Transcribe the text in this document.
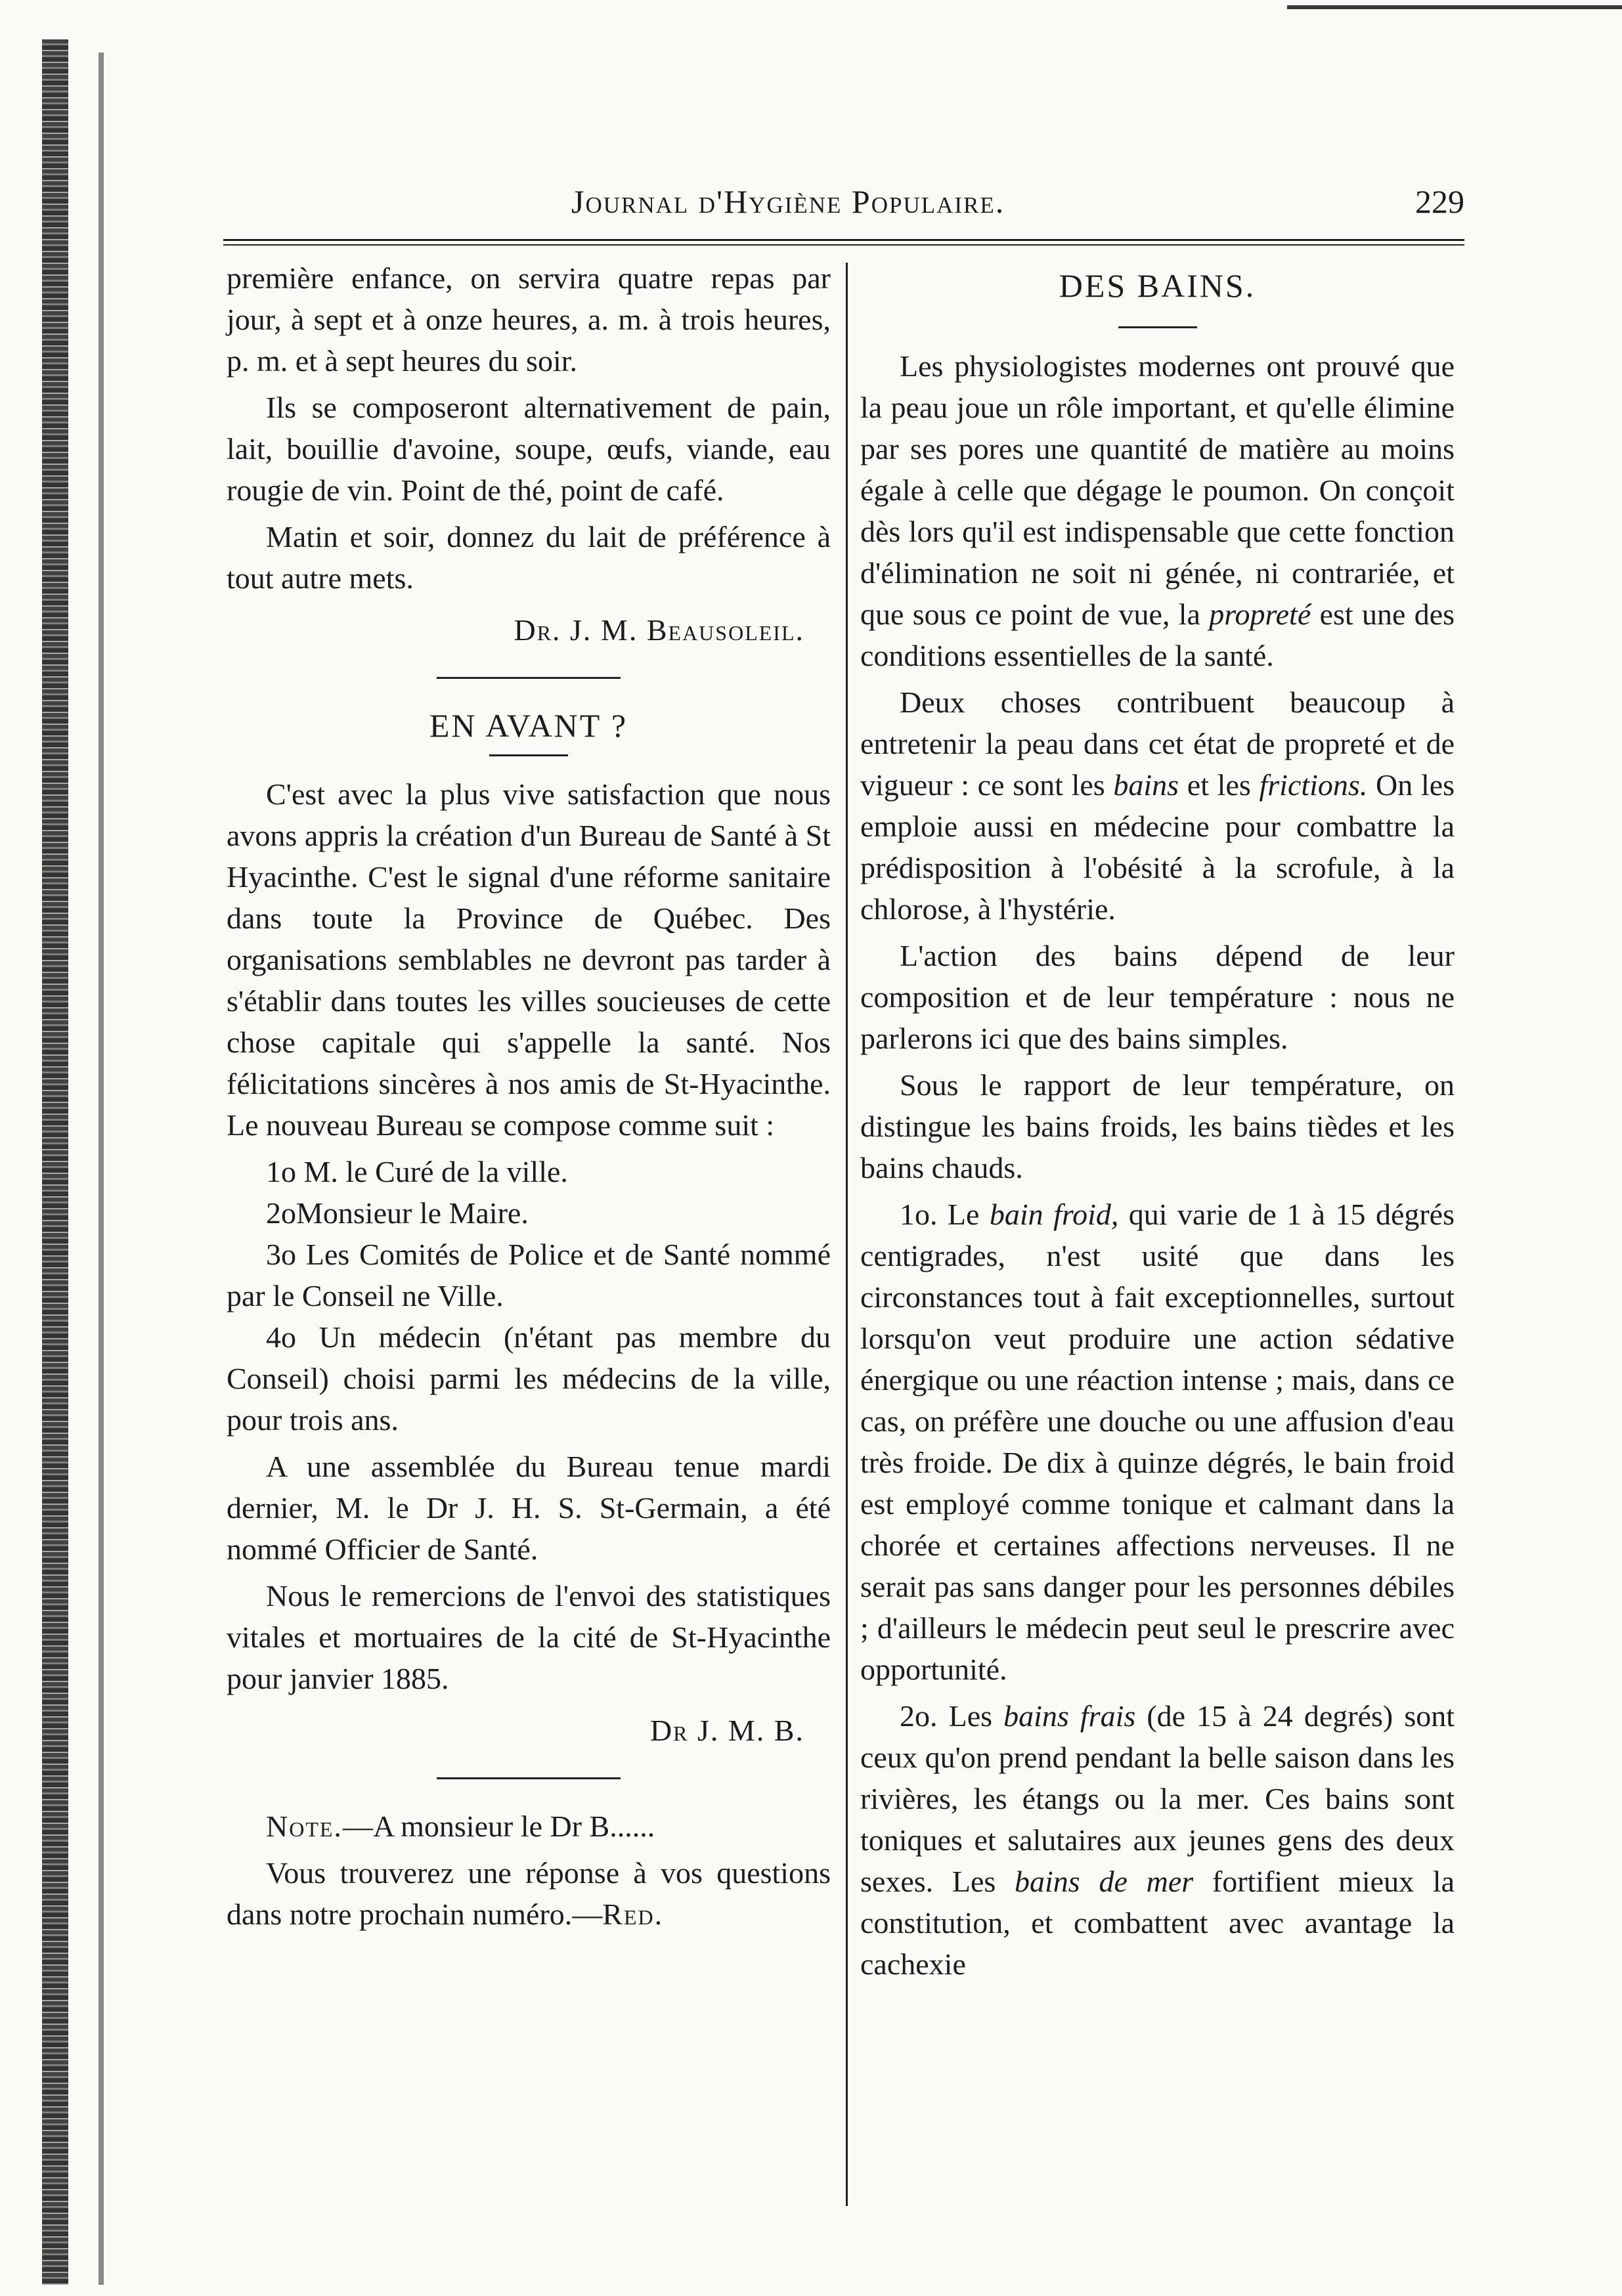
Journal d'Hygiène Populaire.	229

première enfance, on servira quatre repas par jour, à sept et à onze heures, a. m. à trois heures, p. m. et à sept heures du soir.

Ils se composeront alternativement de pain, lait, bouillie d'avoine, soupe, œufs, viande, eau rougie de vin. Point de thé, point de café.

Matin et soir, donnez du lait de préférence à tout autre mets.

Dr. J. M. Beausoleil.

EN AVANT ?

C'est avec la plus vive satisfaction que nous avons appris la création d'un Bureau de Santé à St Hyacinthe. C'est le signal d'une réforme sanitaire dans toute la Province de Québec. Des organisations semblables ne devront pas tarder à s'établir dans toutes les villes soucieuses de cette chose capitale qui s'appelle la santé. Nos félicitations sincères à nos amis de St-Hyacinthe. Le nouveau Bureau se compose comme suit :

1o M. le Curé de la ville.

2oMonsieur le Maire.

3o Les Comités de Police et de Santé nommé par le Conseil ne Ville.

4o Un médecin (n'étant pas membre du Conseil) choisi parmi les médecins de la ville, pour trois ans.

A une assemblée du Bureau tenue mardi dernier, M. le Dr J. H. S. St-Germain, a été nommé Officier de Santé.

Nous le remercions de l'envoi des statistiques vitales et mortuaires de la cité de St-Hyacinthe pour janvier 1885.

Dr J. M. B.

Note.—A monsieur le Dr B......

Vous trouverez une réponse à vos questions dans notre prochain numéro.—Red.

DES BAINS.

Les physiologistes modernes ont prouvé que la peau joue un rôle important, et qu'elle élimine par ses pores une quantité de matière au moins égale à celle que dégage le poumon. On conçoit dès lors qu'il est indispensable que cette fonction d'élimination ne soit ni génée, ni contrariée, et que sous ce point de vue, la propreté est une des conditions essentielles de la santé.

Deux choses contribuent beaucoup à entretenir la peau dans cet état de propreté et de vigueur : ce sont les bains et les frictions. On les emploie aussi en médecine pour combattre la prédisposition à l'obésité à la scrofule, à la chlorose, à l'hystérie.

L'action des bains dépend de leur composition et de leur température : nous ne parlerons ici que des bains simples.

Sous le rapport de leur température, on distingue les bains froids, les bains tièdes et les bains chauds.

1o. Le bain froid, qui varie de 1 à 15 dégrés centigrades, n'est usité que dans les circonstances tout à fait exceptionnelles, surtout lorsqu'on veut produire une action sédative énergique ou une réaction intense ; mais, dans ce cas, on préfère une douche ou une affusion d'eau très froide. De dix à quinze dégrés, le bain froid est employé comme tonique et calmant dans la chorée et certaines affections nerveuses. Il ne serait pas sans danger pour les personnes débiles ; d'ailleurs le médecin peut seul le prescrire avec opportunité.

2o. Les bains frais (de 15 à 24 degrés) sont ceux qu'on prend pendant la belle saison dans les rivières, les étangs ou la mer. Ces bains sont toniques et salutaires aux jeunes gens des deux sexes. Les bains de mer fortifient mieux la constitution, et combattent avec avantage la cachexie
